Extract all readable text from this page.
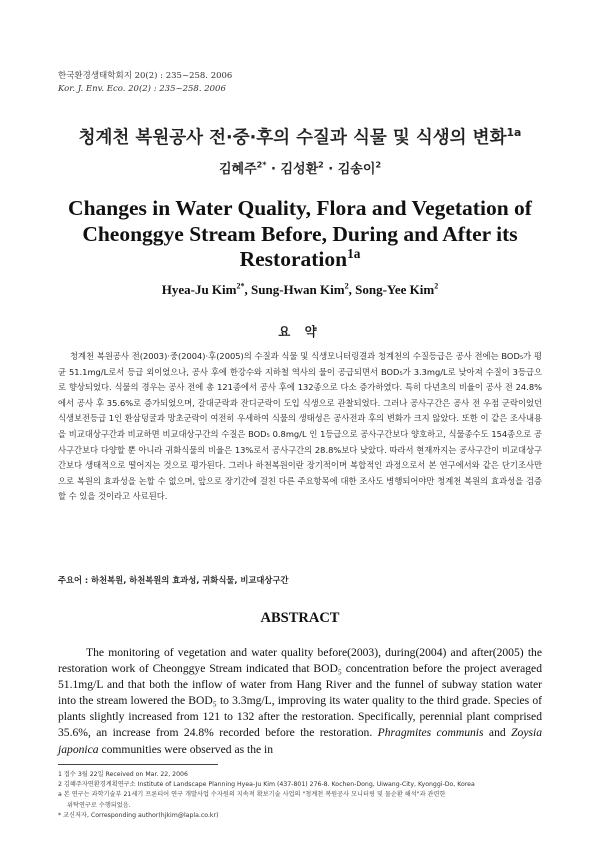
한국환경생태학회지 20(2) : 235~258. 2006
Kor. J. Env. Eco. 20(2) : 235~258. 2006
청계천 복원공사 전·중·후의 수질과 식물 및 식생의 변화$^{1a}$
김혜주$^{2*}$ · 김성환$^2$ · 김송이$^2$
Changes in Water Quality, Flora and Vegetation of
Cheonggye Stream Before, During and After its
Restoration$^{1a}$
Hyea-Ju Kim$^{2*}$, Sung-Hwan Kim$^2$, Song-Yee Kim$^2$
요 약

청계천 복원공사 전(2003)·중(2004)·후(2005)의 수질과 식물 및 식생모니터링결과 청계천의 수질등급은 공사 전에는 BOD₅가 평균 51.1mg/L로서 등급 외이었으나, 공사 후에 한강수와 지하철 역사의 물이 공급되면서 BOD₅가 3.3mg/L로 낮아져 수질이 3등급으로 향상되었다. 식물의 경우는 공사 전에 총 121종에서 공사 후에 132종으로 다소 증가하였다. 특히 다년초의 비율이 공사 전 24.8%에서 공사 후 35.6%로 증가되었으며, 갈대군락과 잔디군락이 도입 식생으로 관찰되었다. 그러나 공사구간은 공사 전 우점 군락이었던 식생보전등급 1인 환삼덩굴과 망초군락이 여전히 우세하여 식물의 생태성은 공사전과 후의 변화가 크지 않았다. 또한 이 같은 조사내용을 비교대상구간과 비교하면 비교대상구간의 수질은 BOD₅ 0.8mg/L 인 1등급으로 공사구간보다 양호하고, 식물종수도 154종으로 공사구간보다 다양할 뿐 아니라 귀화식물의 비율은 13%로서 공사구간의 28.8%보다 낮았다. 따라서 현재까지는 공사구간이 비교대상구간보다 생태적으로 떨어지는 것으로 평가된다. 그러나 하천복원이란 장기적이며 복합적인 과정으로서 본 연구에서와 같은 단기조사만으로 복원의 효과성을 논할 수 없으며, 앞으로 장기간에 걸친 다른 주요항목에 대한 조사도 병행되어야만 청계천 복원의 효과성을 검증할 수 있을 것이라고 사료된다.

주요어 : 하천복원, 하천복원의 효과성, 귀화식물, 비교대상구간
ABSTRACT

The monitoring of vegetation and water quality before(2003), during(2004) and after(2005) the restoration work of Cheonggye Stream indicated that BOD₅ concentration before the project averaged 51.1mg/L and that both the inflow of water from Hang River and the funnel of subway station water into the stream lowered the BOD₅ to 3.3mg/L, improving its water quality to the third grade. Species of plants slightly increased from 121 to 132 after the restoration. Specifically, perennial plant comprised 35.6%, an increase from 24.8% recorded before the restoration. Phragmites communis and Zoysia japonica communities were observed as the in

1 접수 3월 22일 Received on Mar. 22, 2006
2 김혜주자연환경계획연구소 Institute of Landscape Planning Hyea-Ju Kim (437-801) 276-8. Kochen-Dong, Uiwang-City, Kyonggi-Do, Korea
a 본 연구는 과학기술부 21세기 프론티어 연구 개발사업 수자원의 지속적 확보기술 사업의 "청계천 복원공사 모니터링 및 물순환 해석"과 관련한
위탁연구로 수행되었음.
* 교신저자, Corresponding author(hjkim@lapla.co.kr)
